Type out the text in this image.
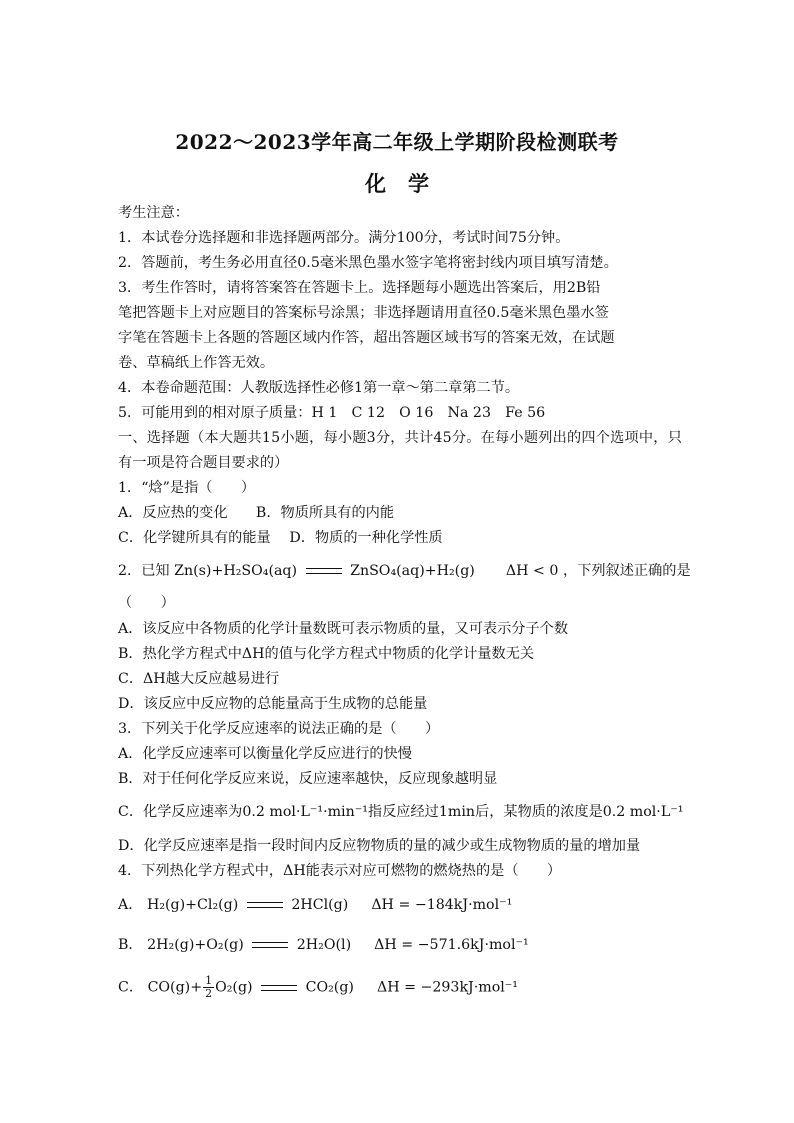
2022～2023学年高二年级上学期阶段检测联考
化学
考生注意：
1．本试卷分选择题和非选择题两部分。满分100分，考试时间75分钟。
2．答题前，考生务必用直径0.5毫米黑色墨水签字笔将密封线内项目填写清楚。
3．考生作答时，请将答案答在答题卡上。选择题每小题选出答案后，用2B铅
笔把答题卡上对应题目的答案标号涂黑；非选择题请用直径0.5毫米黑色墨水签
字笔在答题卡上各题的答题区域内作答，超出答题区域书写的答案无效，在试题
卷、草稿纸上作答无效。
4．本卷命题范围：人教版选择性必修1第一章～第二章第二节。
5．可能用到的相对原子质量：H 1　C 12　O 16　Na 23　Fe 56
一、选择题（本大题共15小题，每小题3分，共计45分。在每小题列出的四个选项中，只
有一项是符合题目要求的）
1．“焓”是指（　　）
A．反应热的变化　　B．物质所具有的内能
C．化学键所具有的能量　 D．物质的一种化学性质
2．已知 Zn(s)+H₂SO₄(aq)	ZnSO₄(aq)+H₂(g) ΔH < 0 ，下列叙述正确的是
（　　）
A．该反应中各物质的化学计量数既可表示物质的量，又可表示分子个数
B．热化学方程式中ΔH的值与化学方程式中物质的化学计量数无关
C．ΔH越大反应越易进行
D．该反应中反应物的总能量高于生成物的总能量
3．下列关于化学反应速率的说法正确的是（　　）
A．化学反应速率可以衡量化学反应进行的快慢
B．对于任何化学反应来说，反应速率越快，反应现象越明显
C．化学反应速率为0.2 mol·L⁻¹·min⁻¹指反应经过1min后，某物质的浓度是0.2 mol·L⁻¹
D．化学反应速率是指一段时间内反应物物质的量的减少或生成物物质的量的增加量
4．下列热化学方程式中，ΔH能表示对应可燃物的燃烧热的是（　　）
A． H₂(g)+Cl₂(g)	2HCl(g) ΔH = −184kJ·mol⁻¹
B． 2H₂(g)+O₂(g)	2H₂O(l) ΔH = −571.6kJ·mol⁻¹
C． $CO(g)+ \frac{1}{2} O_2(g)$	CO₂(g) ΔH = −293kJ·mol⁻¹
